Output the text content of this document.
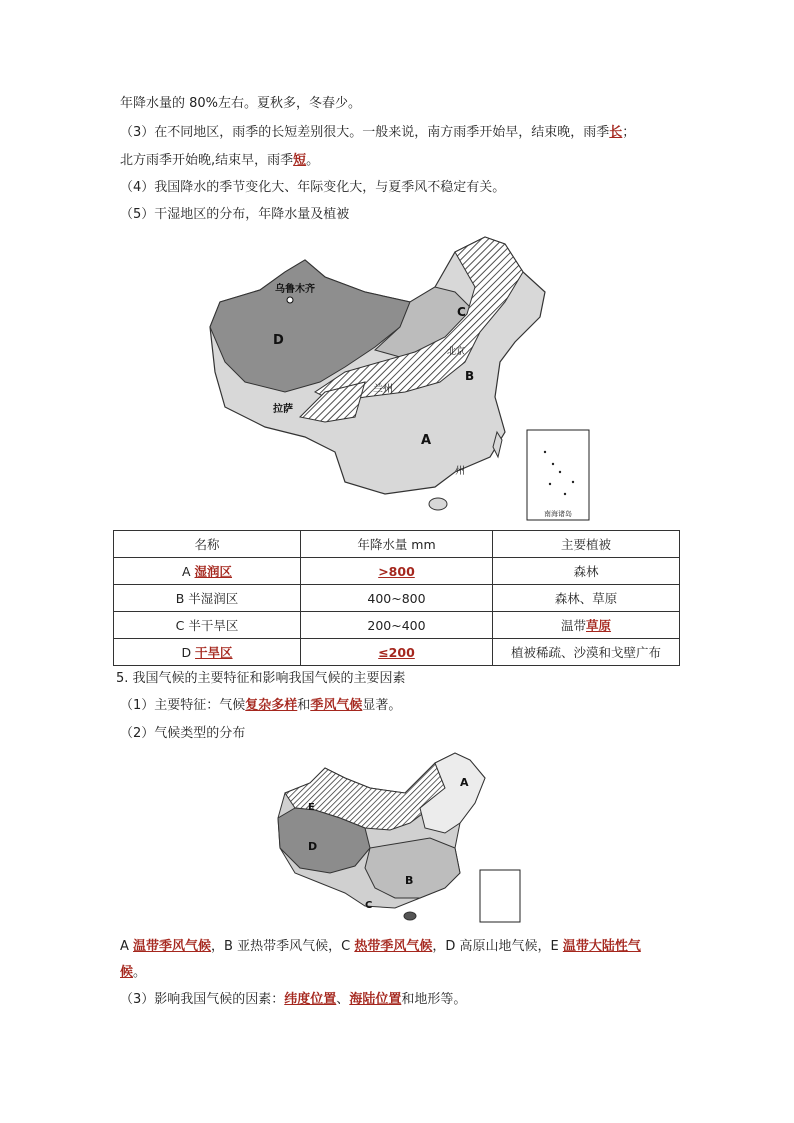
年降水量的 80%左右。夏秋多，冬春少。
（3）在不同地区，雨季的长短差别很大。一般来说，南方雨季开始早，结束晚，雨季长；
北方雨季开始晚,结束早，雨季短。
（4）我国降水的季节变化大、年际变化大，与夏季风不稳定有关。
（5）干湿地区的分布，年降水量及植被
南海诸岛
乌鲁木齐
D
C
北京
B
兰州
拉萨
A
州
名称	年降水量 mm	主要植被
A 湿润区	>800	森林
B 半湿润区	400~800	森林、草原
C 半干旱区	200~400	温带草原
D 干旱区	≤200	植被稀疏、沙漠和戈壁广布
5. 我国气候的主要特征和影响我国气候的主要因素
（1）主要特征：气候复杂多样和季风气候显著。
（2）气候类型的分布
A
E
D
B
C
A 温带季风气候，B 亚热带季风气候，C 热带季风气候，D 高原山地气候，E 温带大陆性气
候。
（3）影响我国气候的因素：纬度位置、海陆位置和地形等。
